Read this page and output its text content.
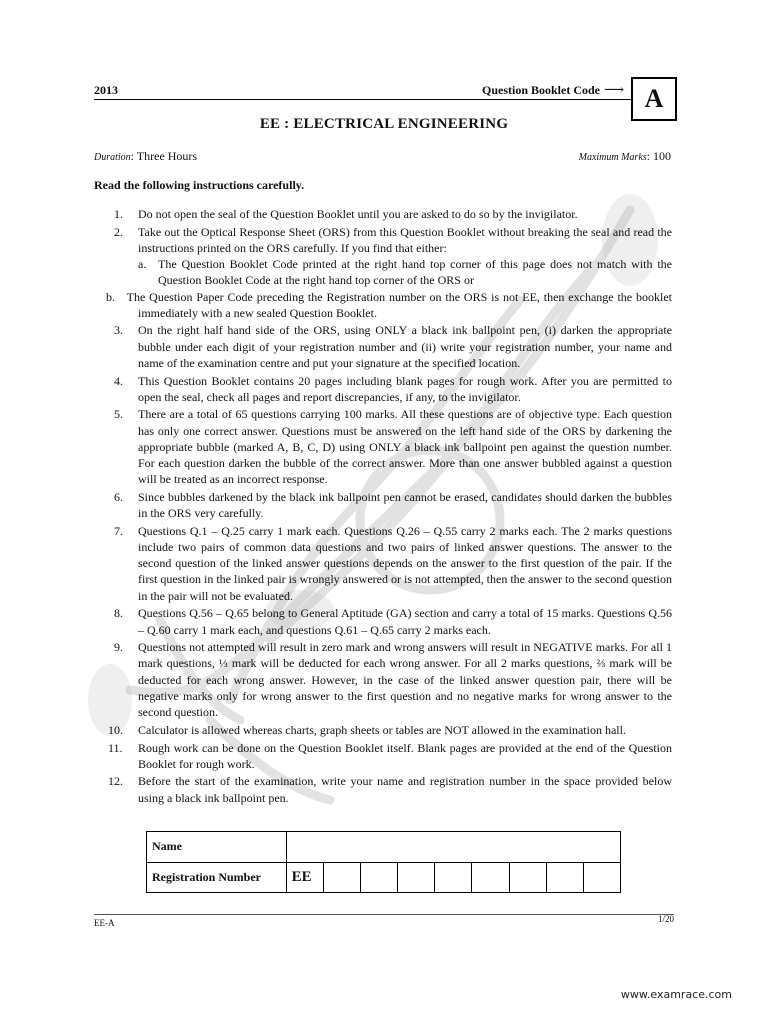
2013	Question Booklet Code ⟶ A
EE : ELECTRICAL ENGINEERING
Duration: Three Hours	Maximum Marks: 100
Read the following instructions carefully.
1. Do not open the seal of the Question Booklet until you are asked to do so by the invigilator.
2. Take out the Optical Response Sheet (ORS) from this Question Booklet without breaking the seal and read the instructions printed on the ORS carefully. If you find that either:
a. The Question Booklet Code printed at the right hand top corner of this page does not match with the Question Booklet Code at the right hand top corner of the ORS or
b.   The Question Paper Code preceding the Registration number on the ORS is not EE, then exchange the booklet immediately with a new sealed Question Booklet.
3. On the right half hand side of the ORS, using ONLY a black ink ballpoint pen, (i) darken the appropriate bubble under each digit of your registration number and (ii) write your registration number, your name and name of the examination centre and put your signature at the specified location.
4. This Question Booklet contains 20 pages including blank pages for rough work. After you are permitted to open the seal, check all pages and report discrepancies, if any, to the invigilator.
5. There are a total of 65 questions carrying 100 marks. All these questions are of objective type. Each question has only one correct answer. Questions must be answered on the left hand side of the ORS by darkening the appropriate bubble (marked A, B, C, D) using ONLY a black ink ballpoint pen against the question number. For each question darken the bubble of the correct answer. More than one answer bubbled against a question will be treated as an incorrect response.
6. Since bubbles darkened by the black ink ballpoint pen cannot be erased, candidates should darken the bubbles in the ORS very carefully.
7. Questions Q.1 – Q.25 carry 1 mark each. Questions Q.26 – Q.55 carry 2 marks each. The 2 marks questions include two pairs of common data questions and two pairs of linked answer questions. The answer to the second question of the linked answer questions depends on the answer to the first question of the pair. If the first question in the linked pair is wrongly answered or is not attempted, then the answer to the second question in the pair will not be evaluated.
8. Questions Q.56 – Q.65 belong to General Aptitude (GA) section and carry a total of 15 marks. Questions Q.56 – Q.60 carry 1 mark each, and questions Q.61 – Q.65 carry 2 marks each.
9. Questions not attempted will result in zero mark and wrong answers will result in NEGATIVE marks. For all 1 mark questions, ⅓ mark will be deducted for each wrong answer. For all 2 marks questions, ⅔ mark will be deducted for each wrong answer. However, in the case of the linked answer question pair, there will be negative marks only for wrong answer to the first question and no negative marks for wrong answer to the second question.
10. Calculator is allowed whereas charts, graph sheets or tables are NOT allowed in the examination hall.
11. Rough work can be done on the Question Booklet itself. Blank pages are provided at the end of the Question Booklet for rough work.
12. Before the start of the examination, write your name and registration number in the space provided below using a black ink ballpoint pen.
Name									
Registration Number	EE								
EE-A	1/20
www.examrace.com
